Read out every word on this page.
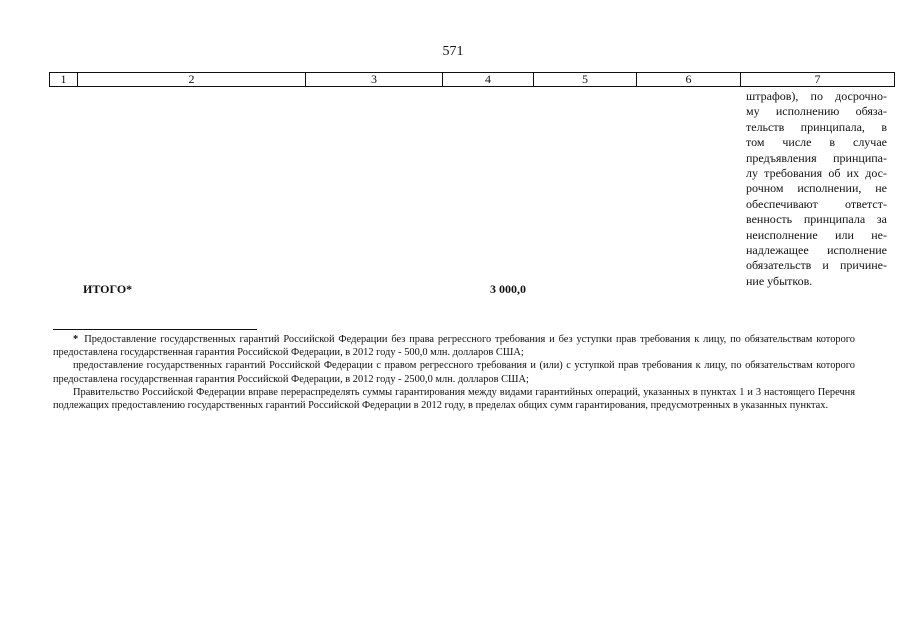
571
1	2	3	4	5	6	7
штрафов), по досрочно-
му исполнению обяза-
тельств принципала, в
том числе в случае
предъявления принципа-
лу требования об их дос-
рочном исполнении, не
обеспечивают ответст-
венность принципала за
неисполнение или не-
надлежащее исполнение
обязательств и причине-
ние убытков.
ИТОГО*	3 000,0

* Предоставление государственных гарантий Российской Федерации без права регрессного требования и без уступки прав требования к лицу, по обязательствам которого предоставлена государственная гарантия Российской Федерации, в 2012 году - 500,0 млн. долларов США;

предоставление государственных гарантий Российской Федерации с правом регрессного требования и (или) с уступкой прав требования к лицу, по обязательствам которого предоставлена государственная гарантия Российской Федерации, в 2012 году - 2500,0 млн. долларов США;

Правительство Российской Федерации вправе перераспределять суммы гарантирования между видами гарантийных операций, указанных в пунктах 1 и 3 настоящего Перечня подлежащих предоставлению государственных гарантий Российской Федерации в 2012 году, в пределах общих сумм гарантирования, предусмотренных в указанных пунктах.
